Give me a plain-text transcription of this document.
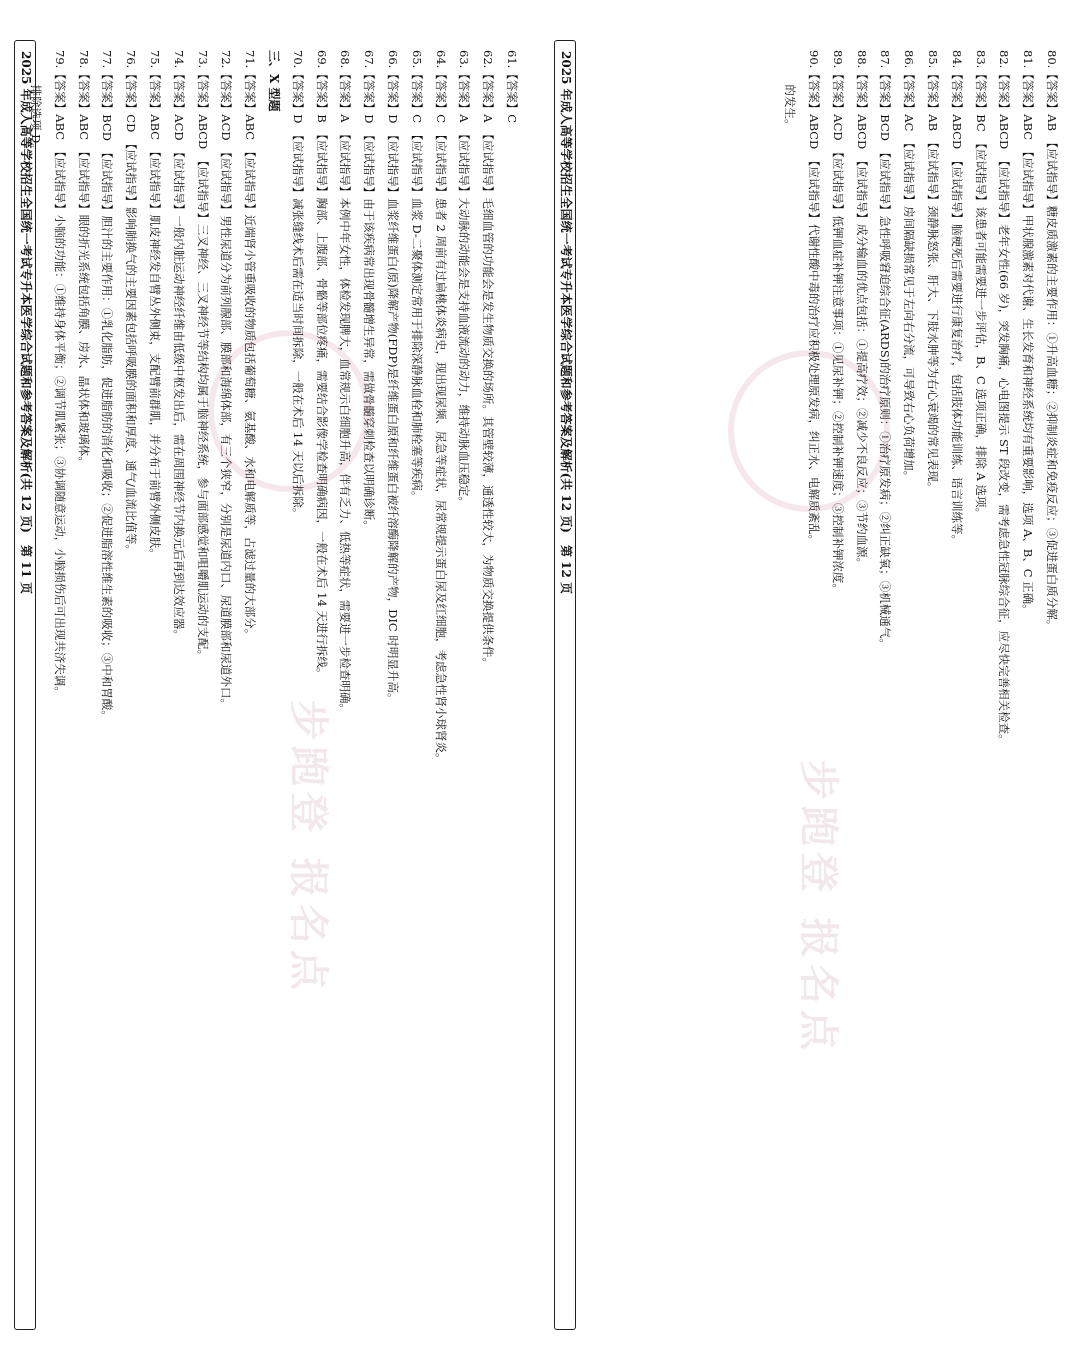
步跑登 报名点
61.【答案】C
62.【答案】A　【应试指导】毛细血管的功能会是发生物质交换的场所。其管壁较薄，通透性较大，为物质交换提供条件。
63.【答案】A　【应试指导】大动脉的动能会是支持血液流动的动力，维持动脉血压稳定。
64.【答案】C　【应试指导】患者 2 周前有过扁桃体炎病史，现出现尿频、尿急等症状，尿常规提示蛋白尿及红细胞，考虑急性肾小球肾炎。
65.【答案】C　【应试指导】血浆 D-二聚体测定常用于排除深静脉血栓和肺栓塞等疾病。
66.【答案】D　【应试指导】血浆纤维蛋白(原)降解产物(FDP)是纤维蛋白原和纤维蛋白被纤溶酶降解的产物，DIC 时明显升高。
67.【答案】D　【应试指导】由于该疾病常出现骨髓增生异常，需做骨髓穿刺检查以明确诊断。
68.【答案】A　【应试指导】本例中年女性，体检发现脾大，血常规示白细胞升高，伴有乏力、低热等症状，需要进一步检查明确。
69.【答案】B　【应试指导】胸部、上腹部、骨骼等部位疼痛，需要结合影像学检查明确病因，一般在术后 14 天进行拆线。
70.【答案】D　【应试指导】减张缝线术后需在适当时间拆除，一般在术后 14 天以后拆除。
三、X 型题
71.【答案】ABC　【应试指导】近端肾小管重吸收的物质包括葡萄糖、氨基酸、水和电解质等，占滤过量的大部分。
72.【答案】ACD　【应试指导】男性尿道分为前列腺部、膜部和海绵体部，有三个狭窄，分别是尿道内口、尿道膜部和尿道外口。
73.【答案】ABCD　【应试指导】三叉神经、三叉神经节等结构均属于脑神经系统，参与面部感觉和咀嚼肌运动的支配。
74.【答案】ACD　【应试指导】一般内脏运动神经纤维由低级中枢发出后，需在周围神经节内换元后再到达效应器。
75.【答案】ABC　【应试指导】肌皮神经发自臂丛外侧束，支配臂前群肌，并分布于前臂外侧皮肤。
76.【答案】CD　【应试指导】影响肺换气的主要因素包括呼吸膜的面积和厚度、通气/血流比值等。
77.【答案】BCD　【应试指导】胆汁的主要作用：①乳化脂肪，促进脂肪的消化和吸收；②促进脂溶性维生素的吸收；③中和胃酸。
78.【答案】ABC　【应试指导】眼的折光系统包括角膜、房水、晶状体和玻璃体。
79.【答案】ABC　【应试指导】小脑的功能：①维持身体平衡；②调节肌紧张；③协调随意运动，小脑损伤后可出现共济失调。
　　　排除选项 D。
2025 年成人高等学校招生全国统一考试专升本医学综合试题和参考答案及解析(共 12 页)　第 11 页
步跑登 报名点
80.【答案】AB　【应试指导】糖皮质激素的主要作用：①升高血糖；②抑制炎症和免疫反应；③促进蛋白质分解。
81.【答案】ABC　【应试指导】甲状腺激素对代谢、生长发育和神经系统均有重要影响，选项 A、B、C 正确。
82.【答案】ABCD　【应试指导】老年女性(66 岁)，突发胸痛，心电图提示 ST 段改变，需考虑急性冠脉综合征，应尽快完善相关检查。
83.【答案】BC　【应试指导】该患者可能需要进一步评估，B、C 选项正确，排除 A 选项。
84.【答案】ABCD　【应试指导】脑梗死后需要进行康复治疗，包括肢体功能训练、语言训练等。
85.【答案】AB　【应试指导】颈静脉怒张、肝大、下肢水肿等为右心衰竭的常见表现。
86.【答案】AC　【应试指导】房间隔缺损常见于左向右分流，可导致右心负荷增加。
87.【答案】BCD　【应试指导】急性呼吸窘迫综合征(ARDS)的治疗原则：①治疗原发病；②纠正缺氧；③机械通气。
88.【答案】ABCD　【应试指导】成分输血的优点包括：①提高疗效；②减少不良反应；③节约血源。
89.【答案】ACD　【应试指导】低钾血症补钾注意事项：①见尿补钾；②控制补钾速度；③控制补钾浓度。
90.【答案】ABCD　【应试指导】代谢性酸中毒的治疗应积极处理原发病，纠正水、电解质紊乱。
　　　的发生。
2025 年成人高等学校招生全国统一考试专升本医学综合试题和参考答案及解析(共 12 页)　第 12 页
